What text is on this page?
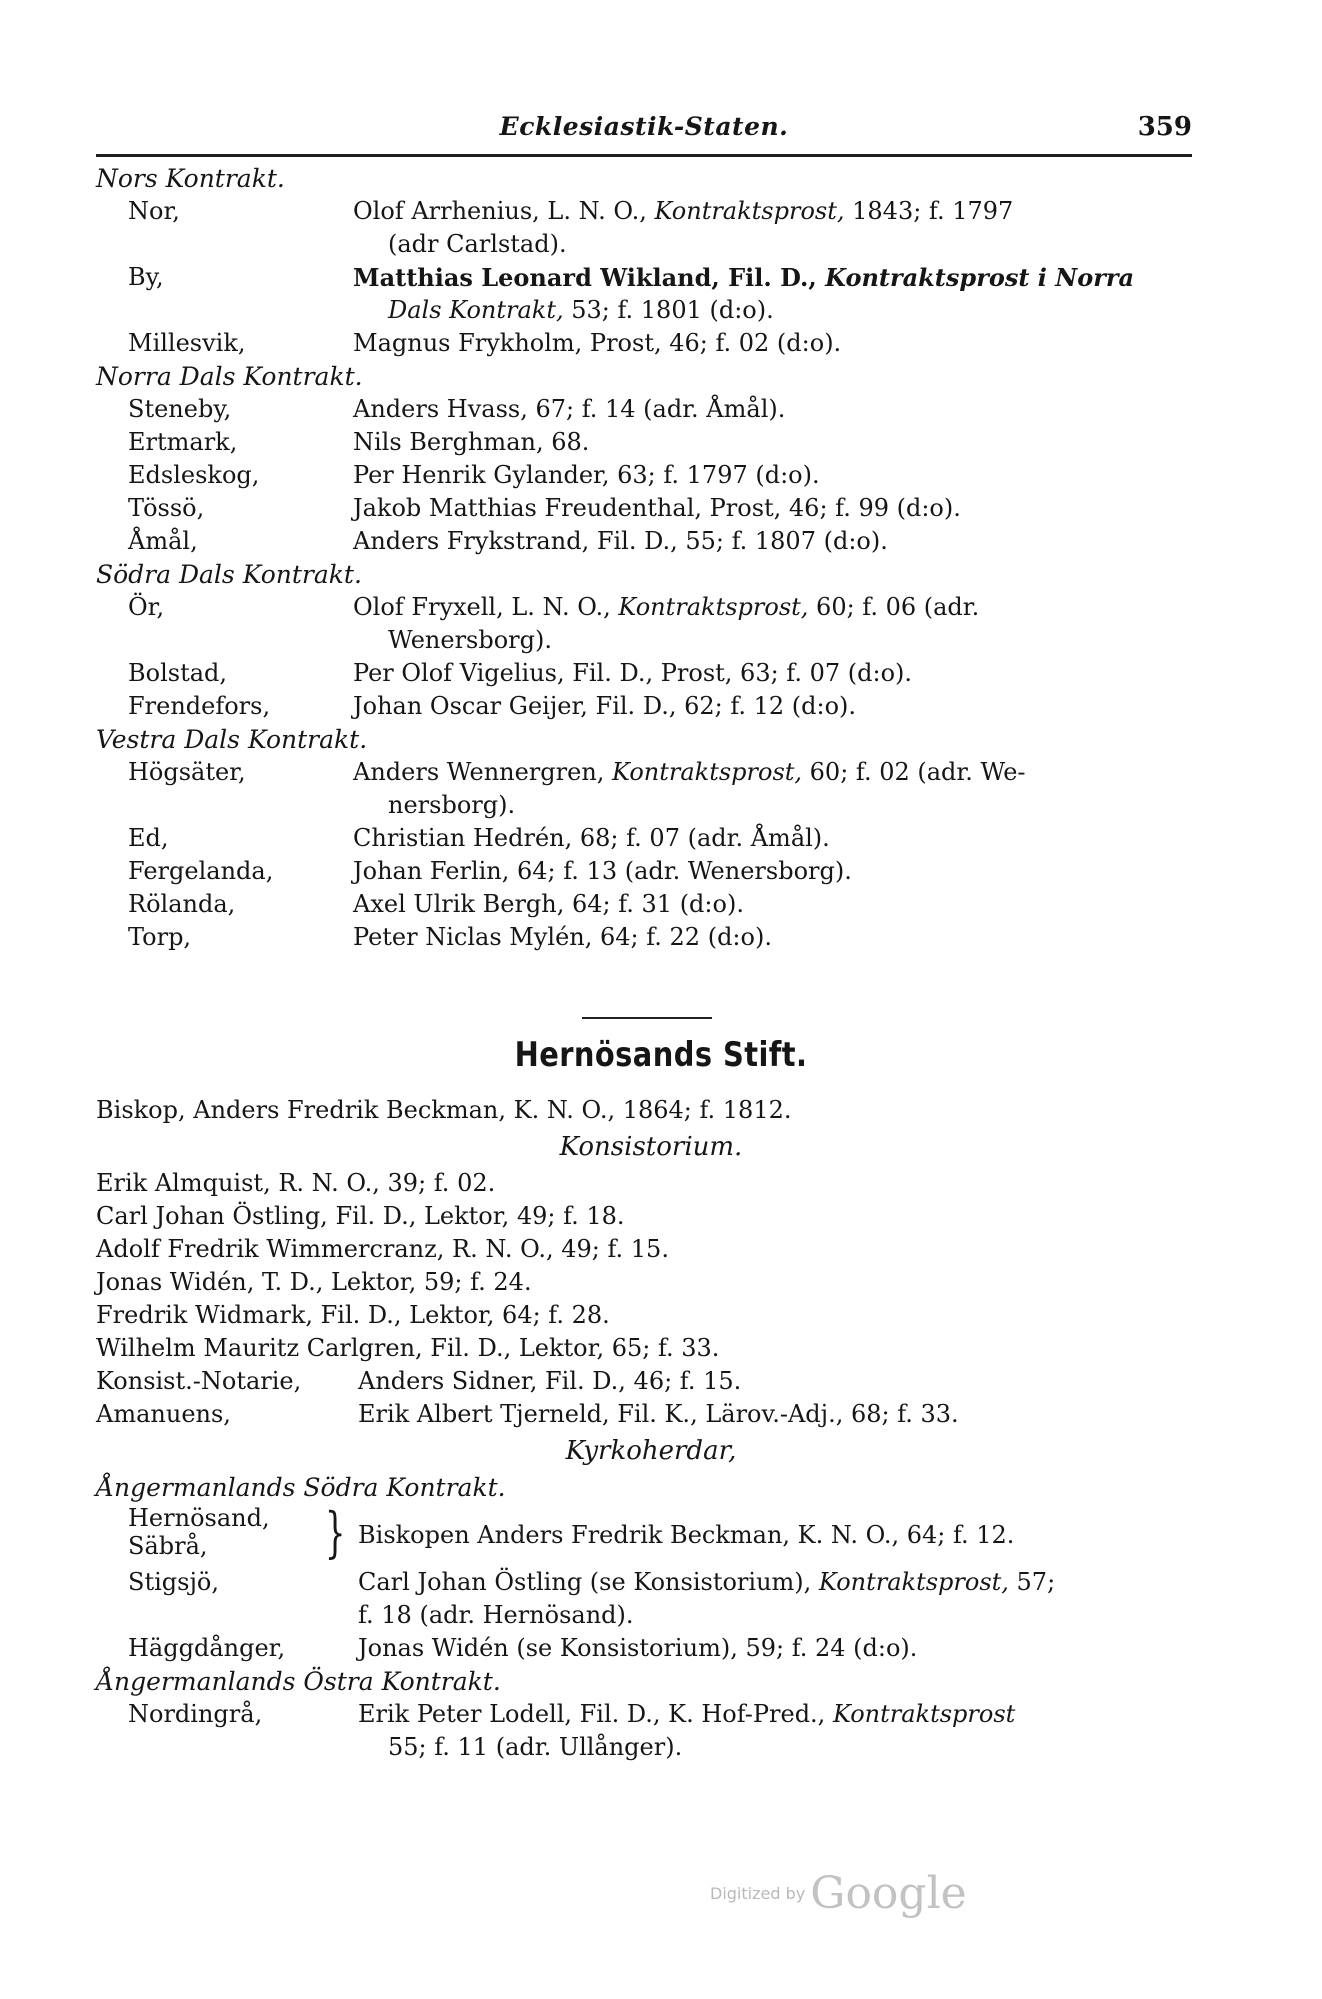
Ecklesiastik-Staten.	359
Nors Kontrakt.
Nor,	Olof Arrhenius, L. N. O., Kontraktsprost, 1843; f. 1797
(adr Carlstad).
By,	Matthias Leonard Wikland, Fil. D., Kontraktsprost i Norra
Dals Kontrakt, 53; f. 1801 (d:o).
Millesvik,	Magnus Frykholm, Prost, 46; f. 02 (d:o).
Norra Dals Kontrakt.
Steneby,	Anders Hvass, 67; f. 14 (adr. Åmål).
Ertmark,	Nils Berghman, 68.
Edsleskog,	Per Henrik Gylander, 63; f. 1797 (d:o).
Tössö,	Jakob Matthias Freudenthal, Prost, 46; f. 99 (d:o).
Åmål,	Anders Frykstrand, Fil. D., 55; f. 1807 (d:o).
Södra Dals Kontrakt.
Ör,	Olof Fryxell, L. N. O., Kontraktsprost, 60; f. 06 (adr.
Wenersborg).
Bolstad,	Per Olof Vigelius, Fil. D., Prost, 63; f. 07 (d:o).
Frendefors,	Johan Oscar Geijer, Fil. D., 62; f. 12 (d:o).
Vestra Dals Kontrakt.
Högsäter,	Anders Wennergren, Kontraktsprost, 60; f. 02 (adr. We-
nersborg).
Ed,	Christian Hedrén, 68; f. 07 (adr. Åmål).
Fergelanda,	Johan Ferlin, 64; f. 13 (adr. Wenersborg).
Rölanda,	Axel Ulrik Bergh, 64; f. 31 (d:o).
Torp,	Peter Niclas Mylén, 64; f. 22 (d:o).
Hernösands Stift.
Biskop, Anders Fredrik Beckman, K. N. O., 1864; f. 1812.
Konsistorium.
Erik Almquist, R. N. O., 39; f. 02.
Carl Johan Östling, Fil. D., Lektor, 49; f. 18.
Adolf Fredrik Wimmercranz, R. N. O., 49; f. 15.
Jonas Widén, T. D., Lektor, 59; f. 24.
Fredrik Widmark, Fil. D., Lektor, 64; f. 28.
Wilhelm Mauritz Carlgren, Fil. D., Lektor, 65; f. 33.
Konsist.-Notarie, Anders Sidner, Fil. D., 46; f. 15.
Amanuens,	Erik Albert Tjerneld, Fil. K., Lärov.-Adj., 68; f. 33.
Kyrkoherdar,
Ångermanlands Södra Kontrakt.
Hernösand,
Säbrå,	} Biskopen Anders Fredrik Beckman, K. N. O., 64; f. 12.
Stigsjö,	Carl Johan Östling (se Konsistorium), Kontraktsprost, 57;
f. 18 (adr. Hernösand).
Häggdånger,	Jonas Widén (se Konsistorium), 59; f. 24 (d:o).
Ångermanlands Östra Kontrakt.
Nordingrå,	Erik Peter Lodell, Fil. D., K. Hof-Pred., Kontraktsprost
55; f. 11 (adr. Ullånger).
Digitized by Google
